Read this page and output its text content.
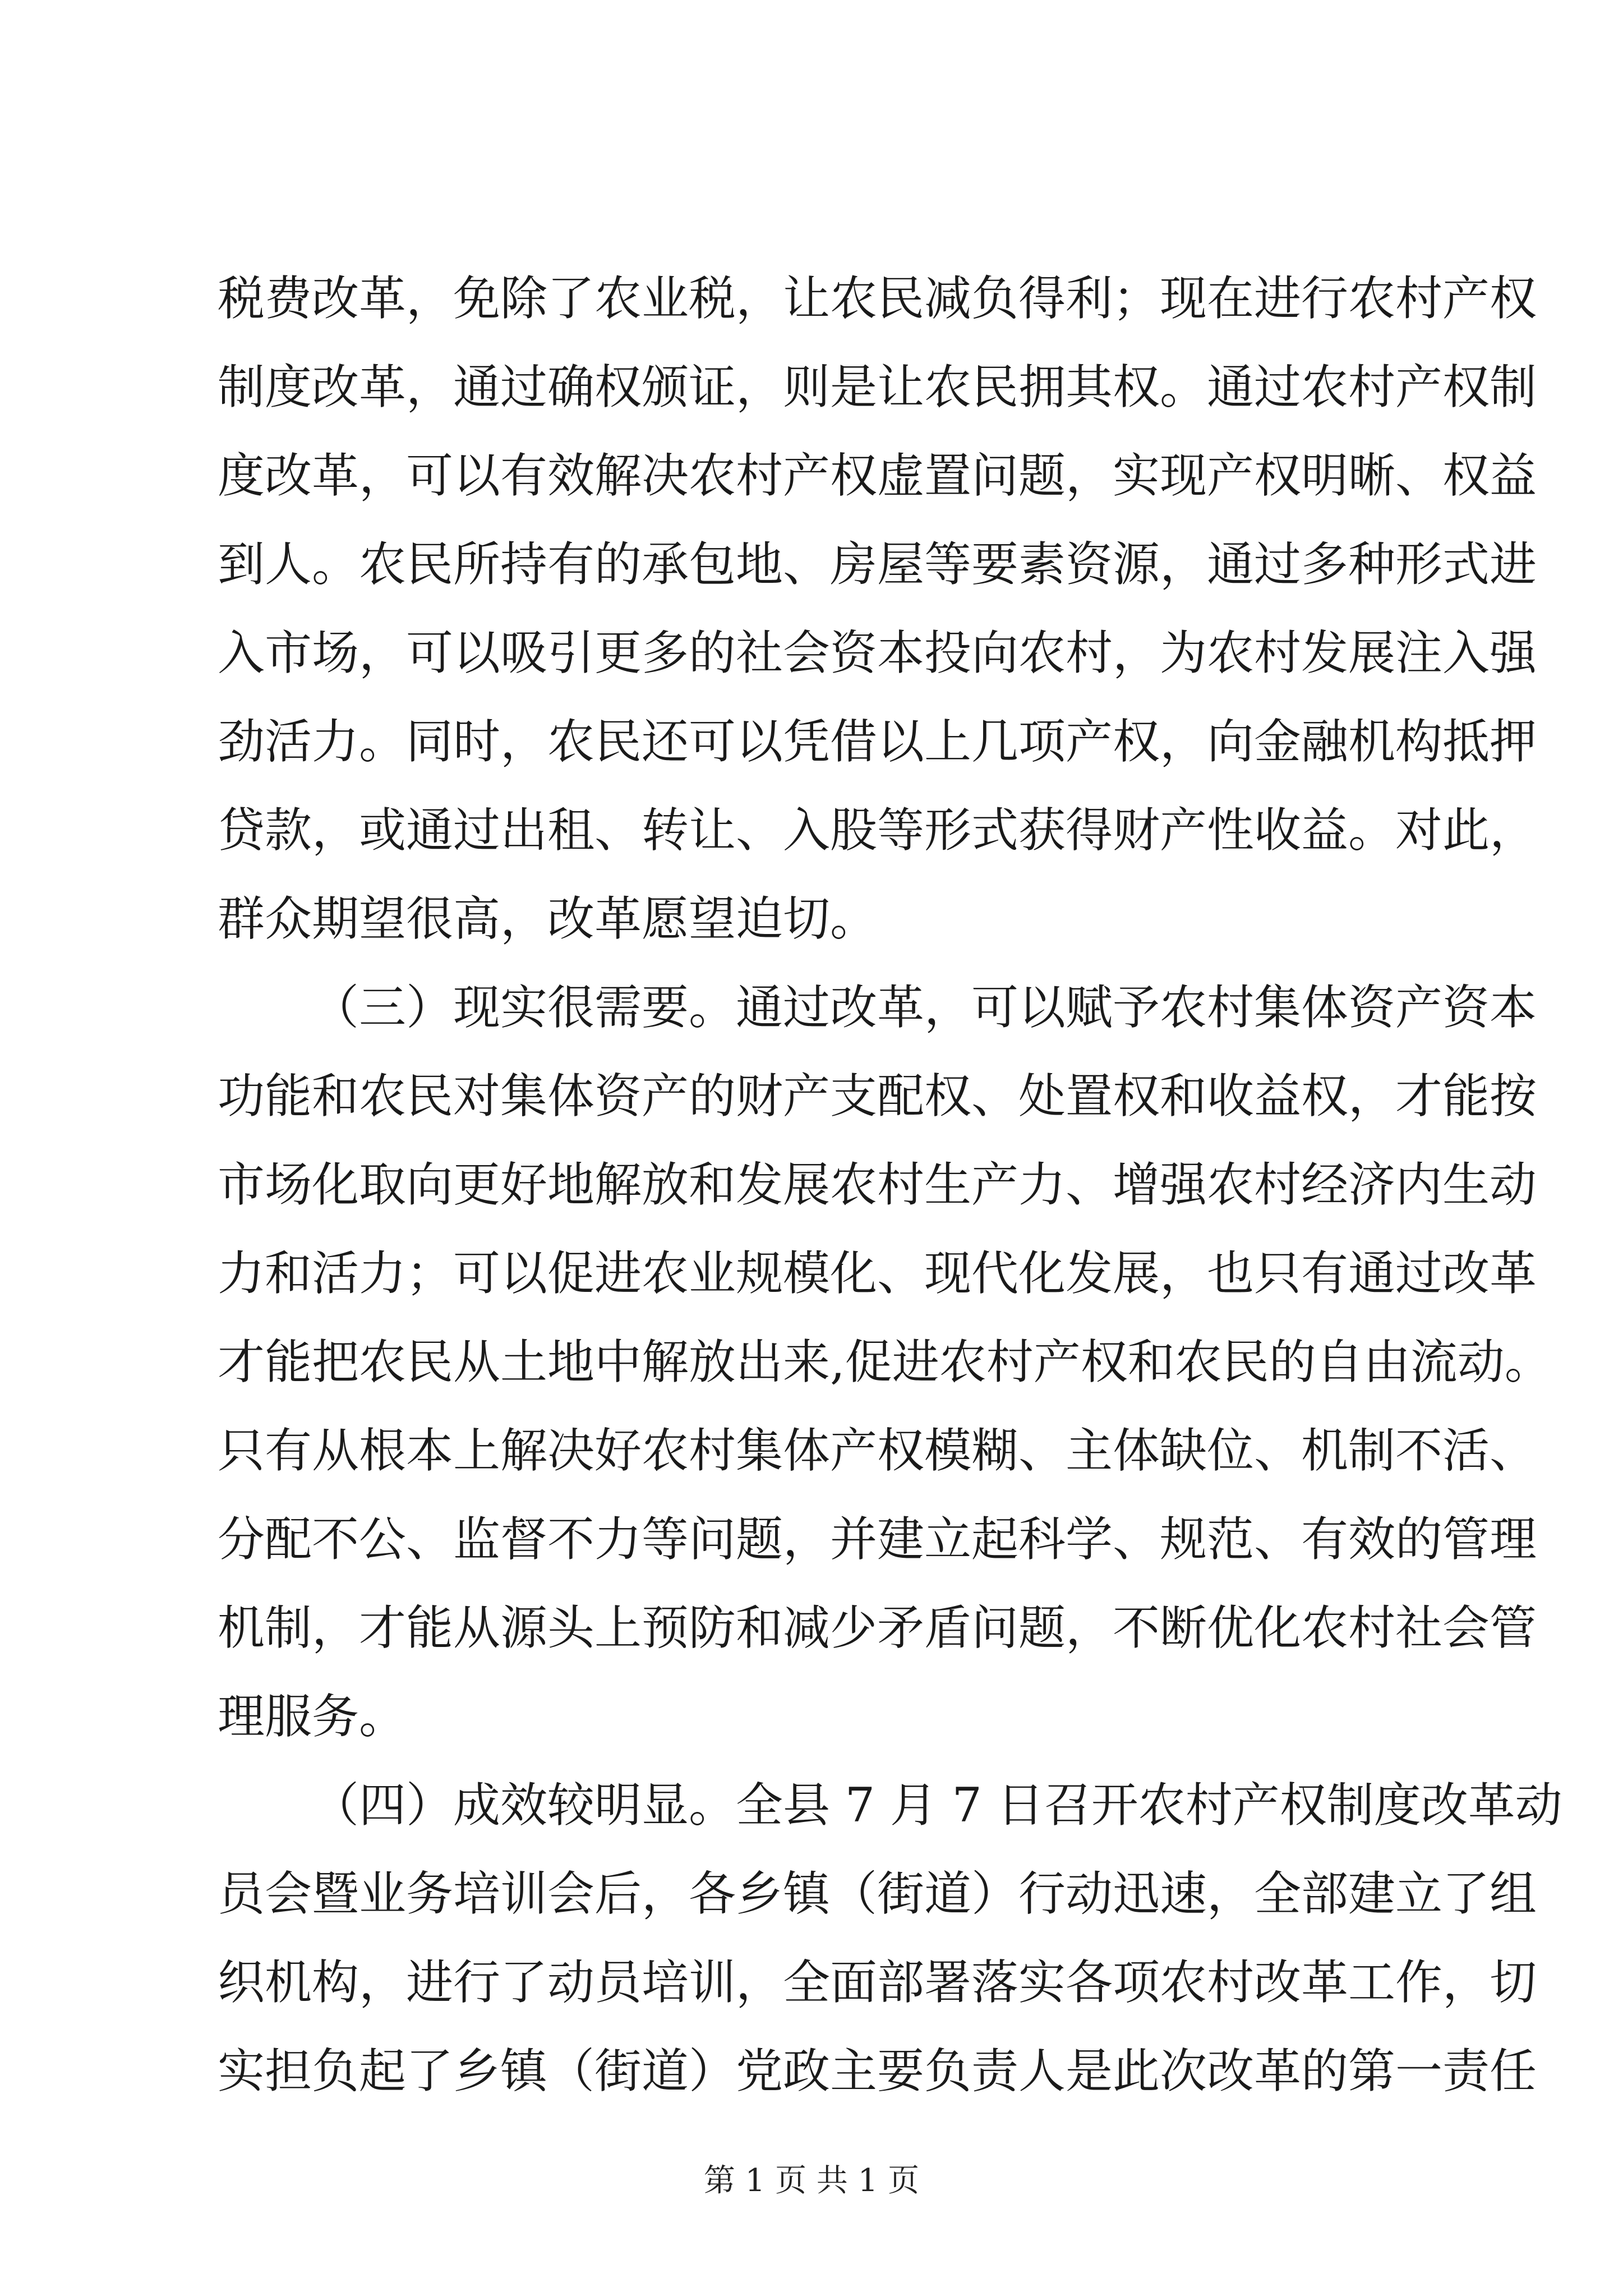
税费改革，免除了农业税，让农民减负得利；现在进行农村产权
制度改革，通过确权颁证，则是让农民拥其权。通过农村产权制
度改革，可以有效解决农村产权虚置问题，实现产权明晰、权益
到人。农民所持有的承包地、房屋等要素资源，通过多种形式进
入市场，可以吸引更多的社会资本投向农村，为农村发展注入强
劲活力。同时，农民还可以凭借以上几项产权，向金融机构抵押
贷款，或通过出租、转让、入股等形式获得财产性收益。对此，
群众期望很高，改革愿望迫切。
（三）现实很需要。通过改革，可以赋予农村集体资产资本
功能和农民对集体资产的财产支配权、处置权和收益权，才能按
市场化取向更好地解放和发展农村生产力、增强农村经济内生动
力和活力；可以促进农业规模化、现代化发展，也只有通过改革
才能把农民从土地中解放出来,促进农村产权和农民的自由流动。
只有从根本上解决好农村集体产权模糊、主体缺位、机制不活、
分配不公、监督不力等问题，并建立起科学、规范、有效的管理
机制，才能从源头上预防和减少矛盾问题，不断优化农村社会管
理服务。
（四）成效较明显。全县 7 月 7 日召开农村产权制度改革动
员会暨业务培训会后，各乡镇（街道）行动迅速，全部建立了组
织机构，进行了动员培训，全面部署落实各项农村改革工作，切
实担负起了乡镇（街道）党政主要负责人是此次改革的第一责任
第 1 页 共 1 页
